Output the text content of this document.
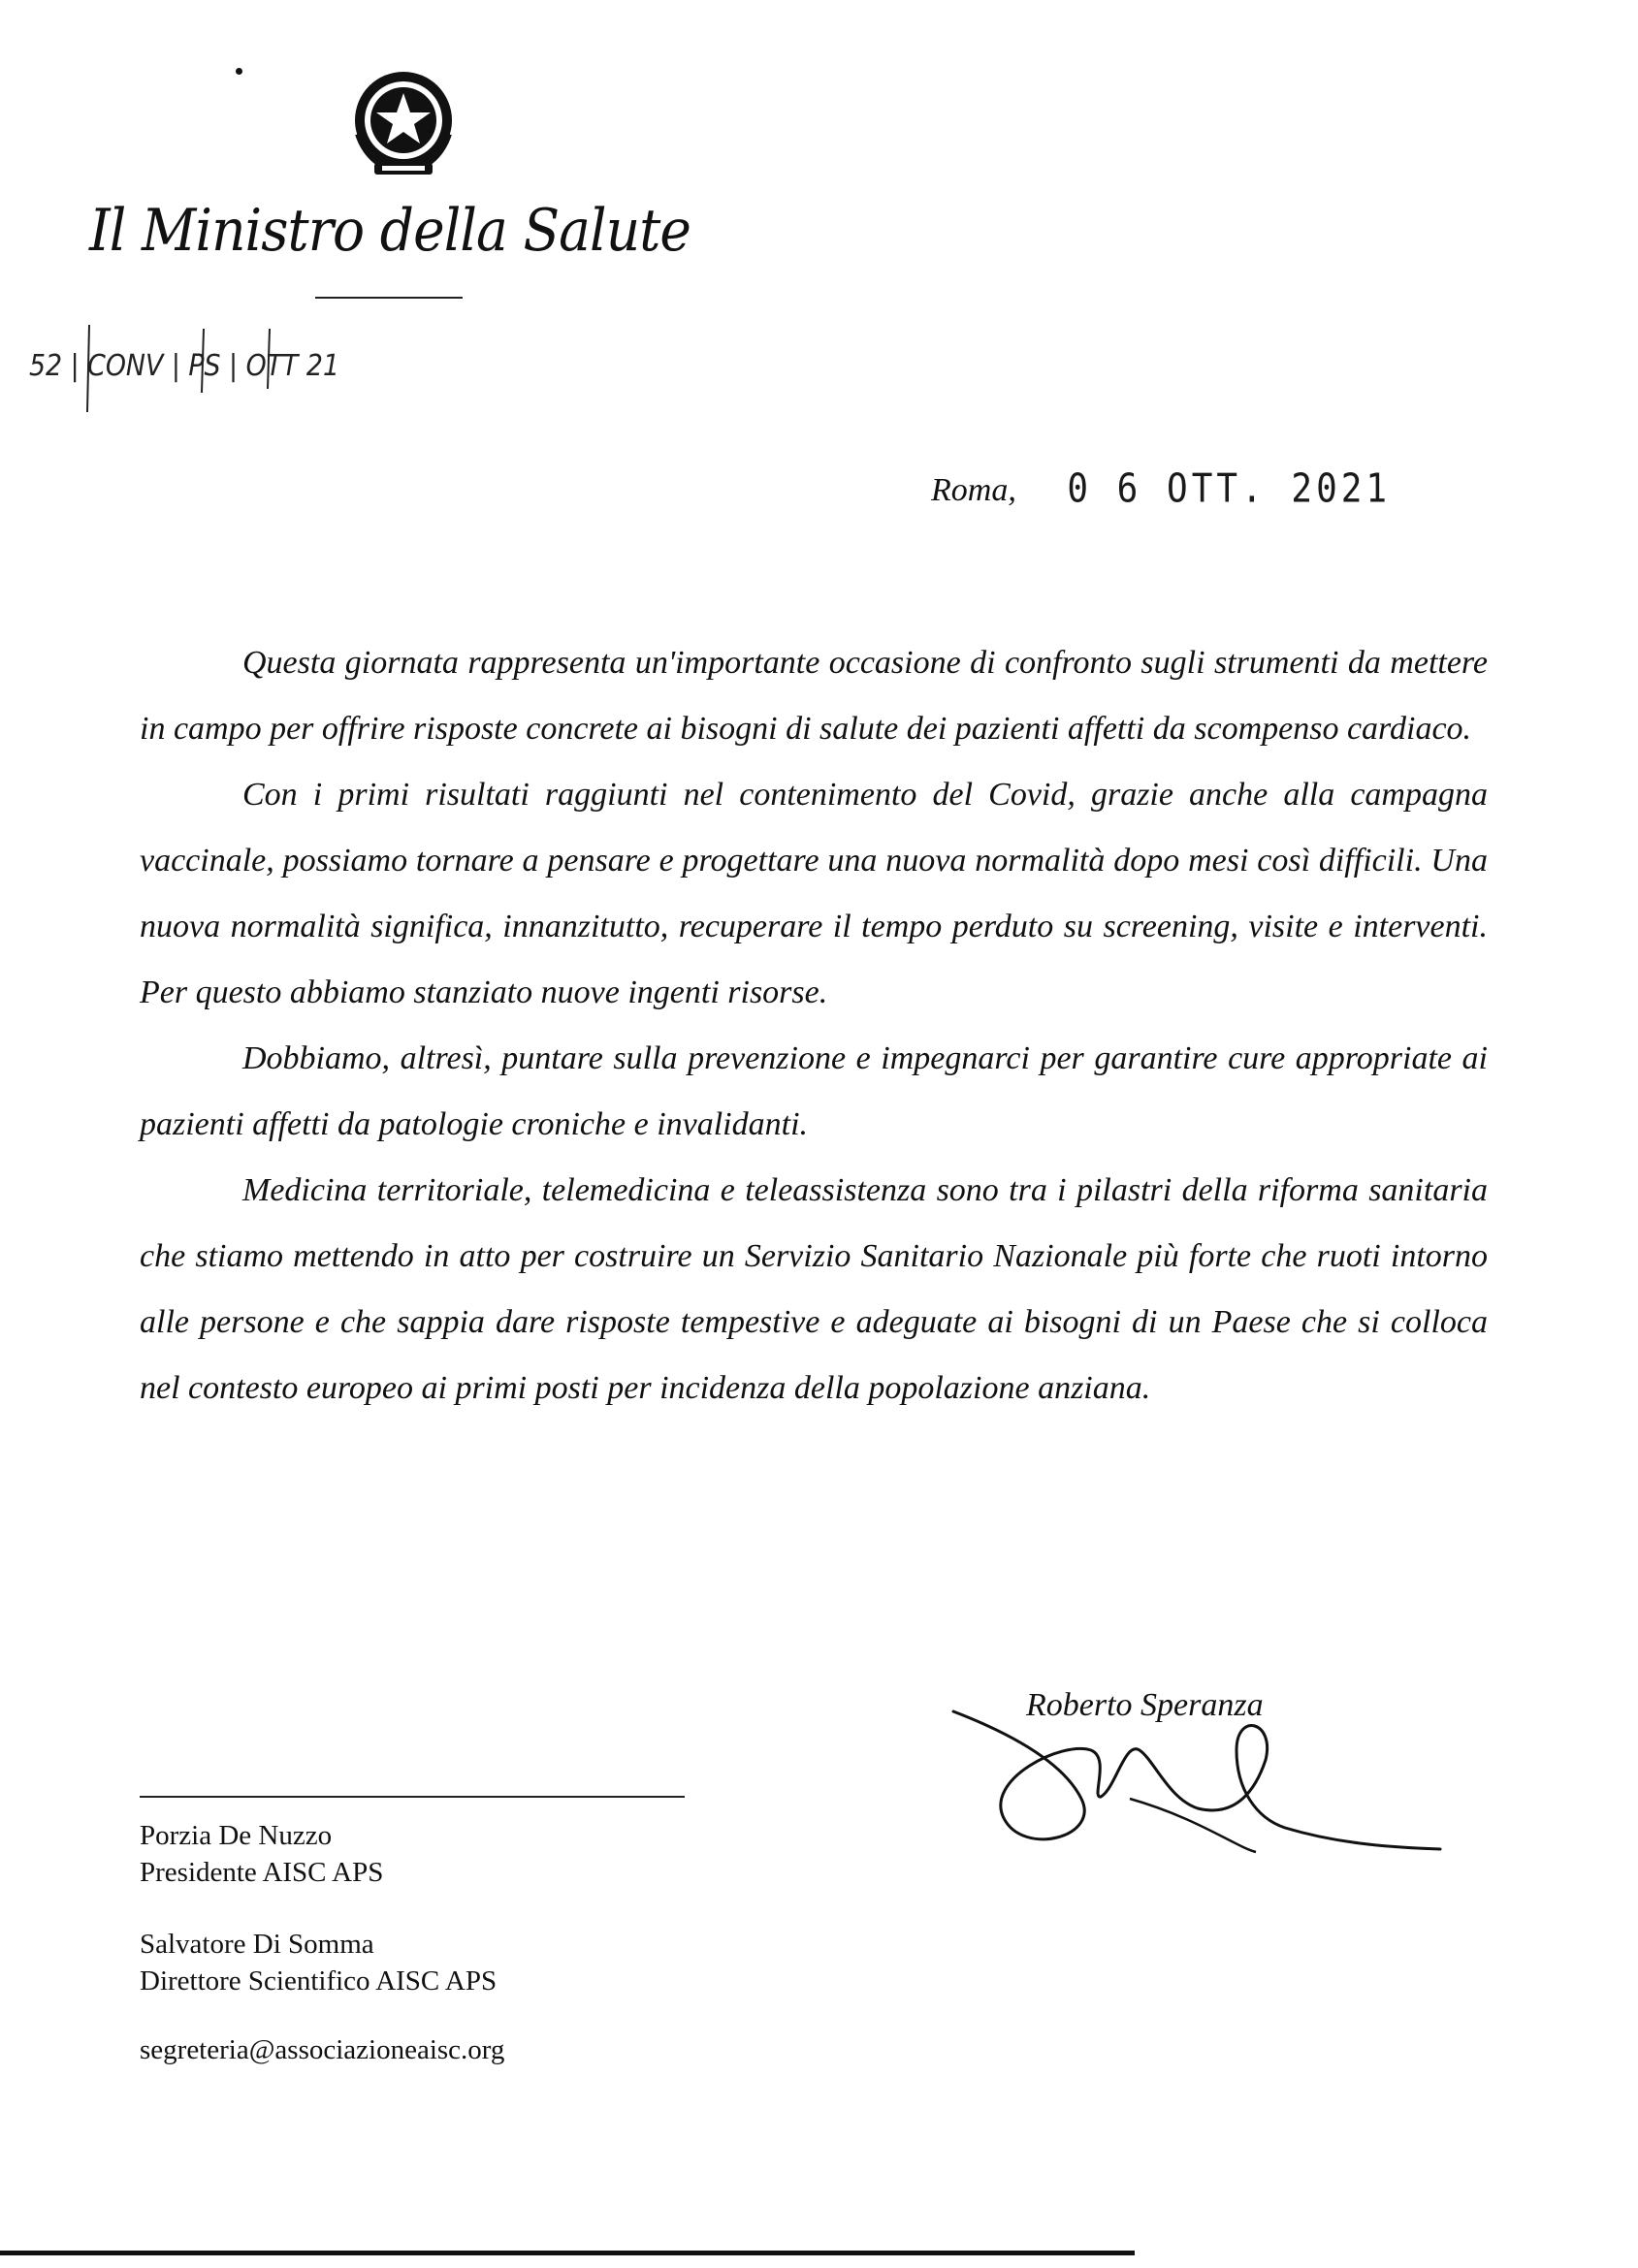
Il Ministro della Salute
52 | CONV | PS | OTT 21
Roma, 0 6 OTT. 2021

Questa giornata rappresenta un'importante occasione di confronto sugli strumenti da mettere in campo per offrire risposte concrete ai bisogni di salute dei pazienti affetti da scompenso cardiaco.

Con i primi risultati raggiunti nel contenimento del Covid, grazie anche alla campagna vaccinale, possiamo tornare a pensare e progettare una nuova normalità dopo mesi così difficili. Una nuova normalità significa, innanzitutto, recuperare il tempo perduto su screening, visite e interventi. Per questo abbiamo stanziato nuove ingenti risorse.

Dobbiamo, altresì, puntare sulla prevenzione e impegnarci per garantire cure appropriate ai pazienti affetti da patologie croniche e invalidanti.

Medicina territoriale, telemedicina e teleassistenza sono tra i pilastri della riforma sanitaria che stiamo mettendo in atto per costruire un Servizio Sanitario Nazionale più forte che ruoti intorno alle persone e che sappia dare risposte tempestive e adeguate ai bisogni di un Paese che si colloca nel contesto europeo ai primi posti per incidenza della popolazione anziana.

Roberto Speranza
Porzia De Nuzzo
Presidente AISC APS
Salvatore Di Somma
Direttore Scientifico AISC APS
segreteria@associazioneaisc.org
